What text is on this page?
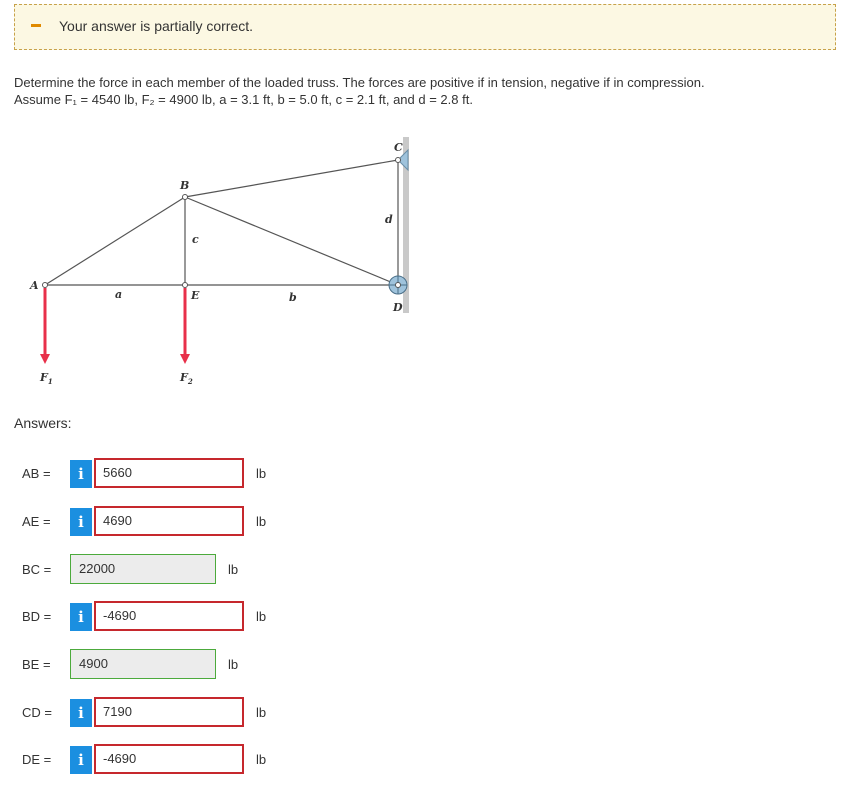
Your answer is partially correct.
Determine the force in each member of the loaded truss. The forces are positive if in tension, negative if in compression.
Assume F₁ = 4540 lb, F₂ = 4900 lb, a = 3.1 ft, b = 5.0 ft, c = 2.1 ft, and d = 2.8 ft.
A
B
C
D
E
a	b
c
d
$F_1$	$F_2$
Answers:
AB =	i	5660	lb
AE =	i	4690	lb
BC =	22000	lb
BD =	i	-4690	lb
BE =	4900	lb
CD =	i	7190	lb
DE =	i	-4690	lb
